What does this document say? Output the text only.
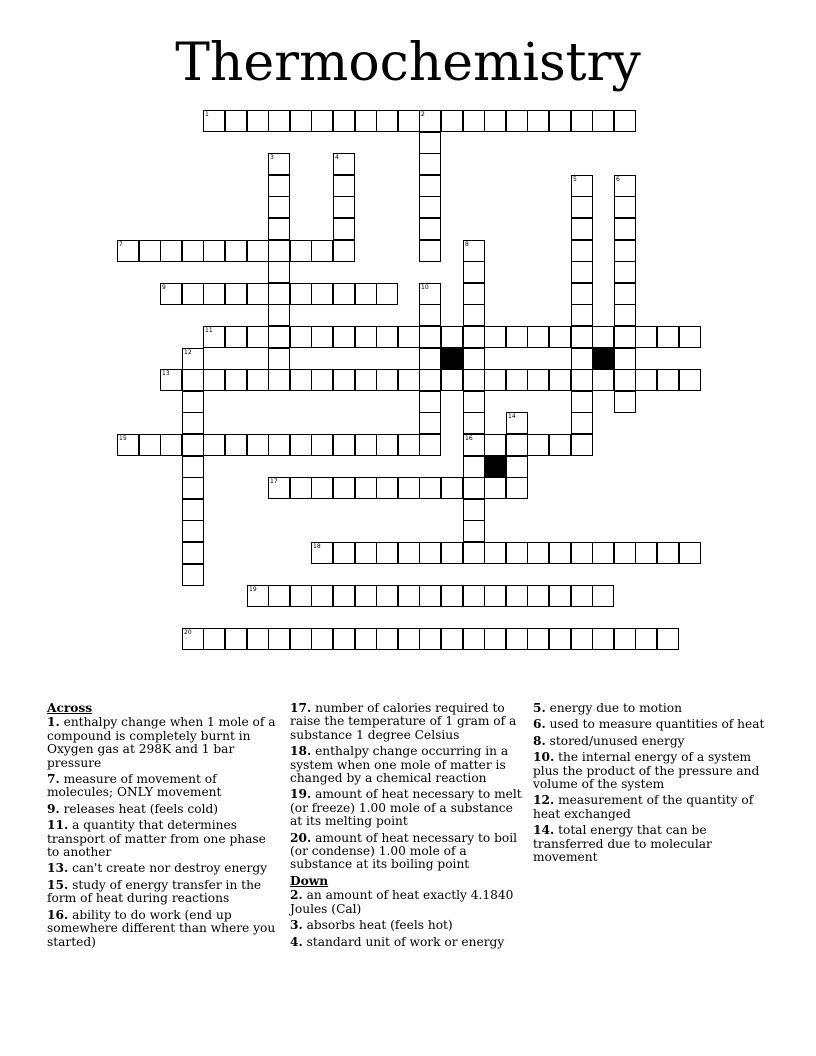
Thermochemistry
1	2
3	4
5	6
7	8
9	10
11
12
13
14
15	16
17
18
19
20
Across
1. enthalpy change when 1 mole of a compound is completely burnt in Oxygen gas at 298K and 1 bar pressure
7. measure of movement of molecules; ONLY movement
9. releases heat (feels cold)
11. a quantity that determines transport of matter from one phase to another
13. can't create nor destroy energy
15. study of energy transfer in the form of heat during reactions
16. ability to do work (end up somewhere different than where you started)
17. number of calories required to raise the temperature of 1 gram of a substance 1 degree Celsius
18. enthalpy change occurring in a system when one mole of matter is changed by a chemical reaction
19. amount of heat necessary to melt (or freeze) 1.00 mole of a substance at its melting point
20. amount of heat necessary to boil (or condense) 1.00 mole of a substance at its boiling point
Down
2. an amount of heat exactly 4.1840 Joules (Cal)
3. absorbs heat (feels hot)
4. standard unit of work or energy
5. energy due to motion
6. used to measure quantities of heat
8. stored/unused energy
10. the internal energy of a system plus the product of the pressure and volume of the system
12. measurement of the quantity of heat exchanged
14. total energy that can be transferred due to molecular movement
